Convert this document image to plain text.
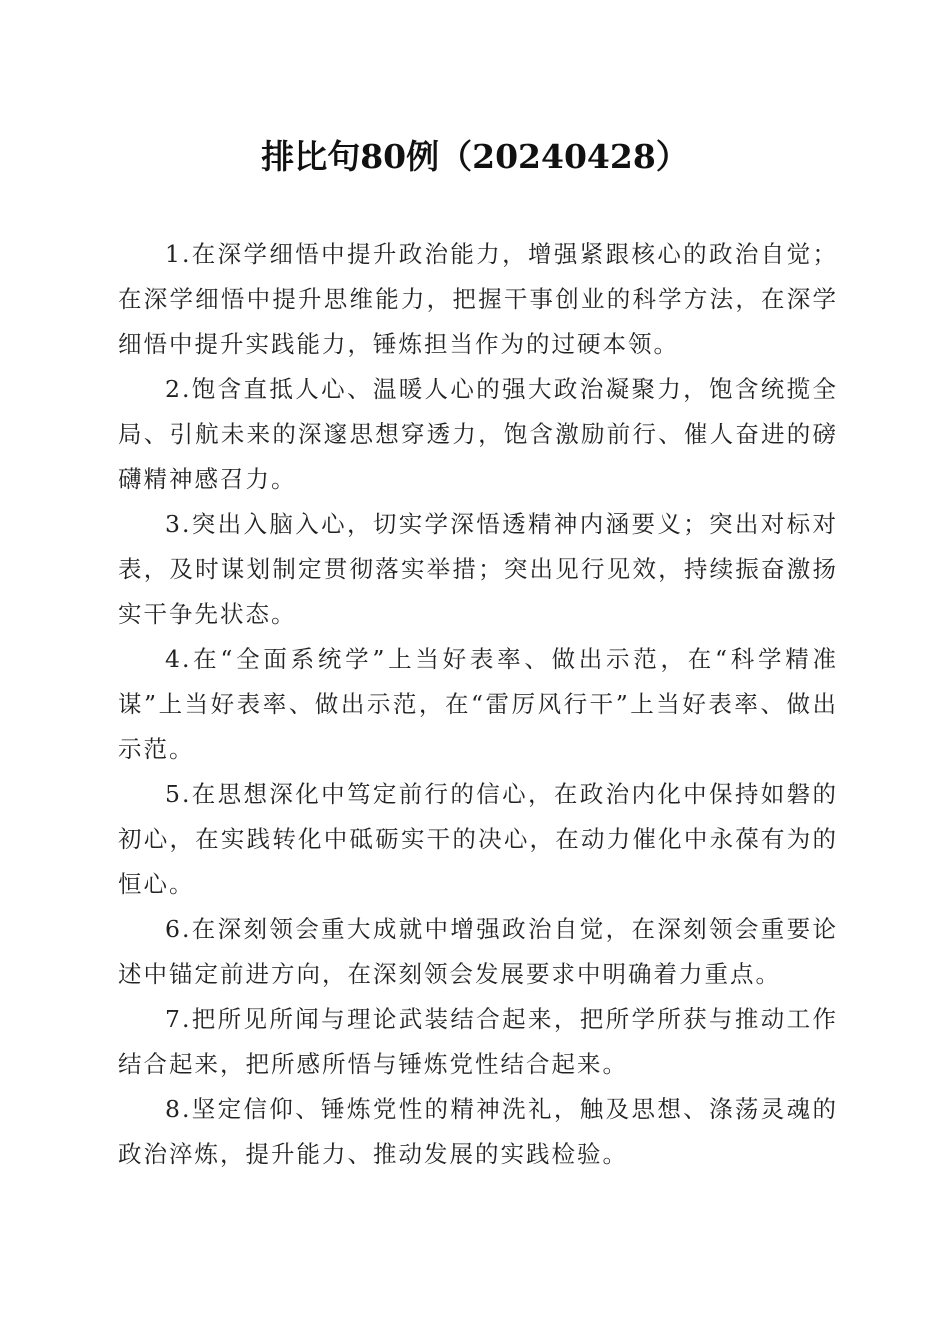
排比句80例（20240428）

1.在深学细悟中提升政治能力，增强紧跟核心的政治自觉；在深学细悟中提升思维能力，把握干事创业的科学方法，在深学细悟中提升实践能力，锤炼担当作为的过硬本领。

2.饱含直抵人心、温暖人心的强大政治凝聚力，饱含统揽全局、引航未来的深邃思想穿透力，饱含激励前行、催人奋进的磅礴精神感召力。

3.突出入脑入心，切实学深悟透精神内涵要义；突出对标对表，及时谋划制定贯彻落实举措；突出见行见效，持续振奋激扬实干争先状态。

4.在“全面系统学”上当好表率、做出示范，在“科学精准谋”上当好表率、做出示范，在“雷厉风行干”上当好表率、做出示范。

5.在思想深化中笃定前行的信心，在政治内化中保持如磐的初心，在实践转化中砥砺实干的决心，在动力催化中永葆有为的恒心。

6.在深刻领会重大成就中增强政治自觉，在深刻领会重要论述中锚定前进方向，在深刻领会发展要求中明确着力重点。

7.把所见所闻与理论武装结合起来，把所学所获与推动工作结合起来，把所感所悟与锤炼党性结合起来。

8.坚定信仰、锤炼党性的精神洗礼，触及思想、涤荡灵魂的政治淬炼，提升能力、推动发展的实践检验。
